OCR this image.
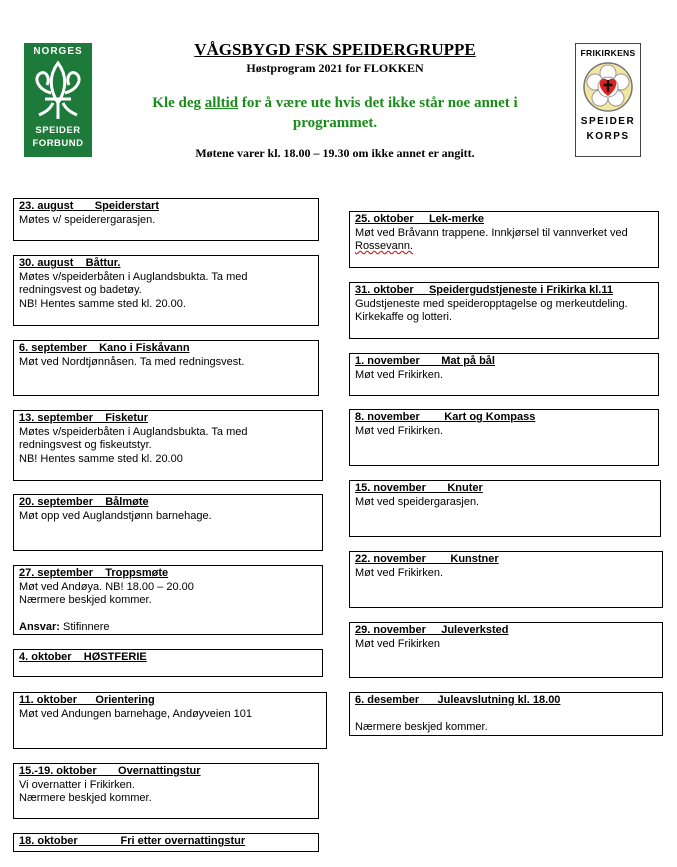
NORGES
SPEIDER
FORBUND
FRIKIRKENS
SPEIDER
KORPS
VÅGSBYGD FSK SPEIDERGRUPPE
Høstprogram 2021 for FLOKKEN
Kle deg alltid for å være ute hvis det ikke står noe annet i programmet.
Møtene varer kl. 18.00 – 19.30 om ikke annet er angitt.
23. august       Speiderstart
Møtes v/ speiderergarasjen.
30. august    Båttur.
Møtes v/speiderbåten i Auglandsbukta. Ta med
redningsvest og badetøy.
NB! Hentes samme sted kl. 20.00.
6. september    Kano i Fiskåvann
Møt ved Nordtjønnåsen. Ta med redningsvest.
13. september    Fisketur
Møtes v/speiderbåten i Auglandsbukta. Ta med
redningsvest og fiskeutstyr.
NB! Hentes samme sted kl. 20.00
20. september    Bålmøte
Møt opp ved Auglandstjønn barnehage.
27. september    Troppsmøte
Møt ved Andøya. NB! 18.00 – 20.00
Nærmere beskjed kommer.

Ansvar: Stifinnere
4. oktober    HØSTFERIE
11. oktober      Orientering
Møt ved Andungen barnehage, Andøyveien 101
15.-19. oktober       Overnattingstur
Vi overnatter i Frikirken.
Nærmere beskjed kommer.
18. oktober              Fri etter overnattingstur
25. oktober     Lek-merke
Møt ved Bråvann trappene. Innkjørsel til vannverket ved
Rossevann.
31. oktober     Speidergudstjeneste i Frikirka kl.11
Gudstjeneste med speideropptagelse og merkeutdeling.
Kirkekaffe og lotteri.
1. november       Mat på bål
Møt ved Frikirken.
8. november        Kart og Kompass
Møt ved Frikirken.
15. november       Knuter
Møt ved speidergarasjen.
22. november        Kunstner
Møt ved Frikirken.
29. november     Juleverksted
Møt ved Frikirken
6. desember      Juleavslutning kl. 18.00

Nærmere beskjed kommer.
